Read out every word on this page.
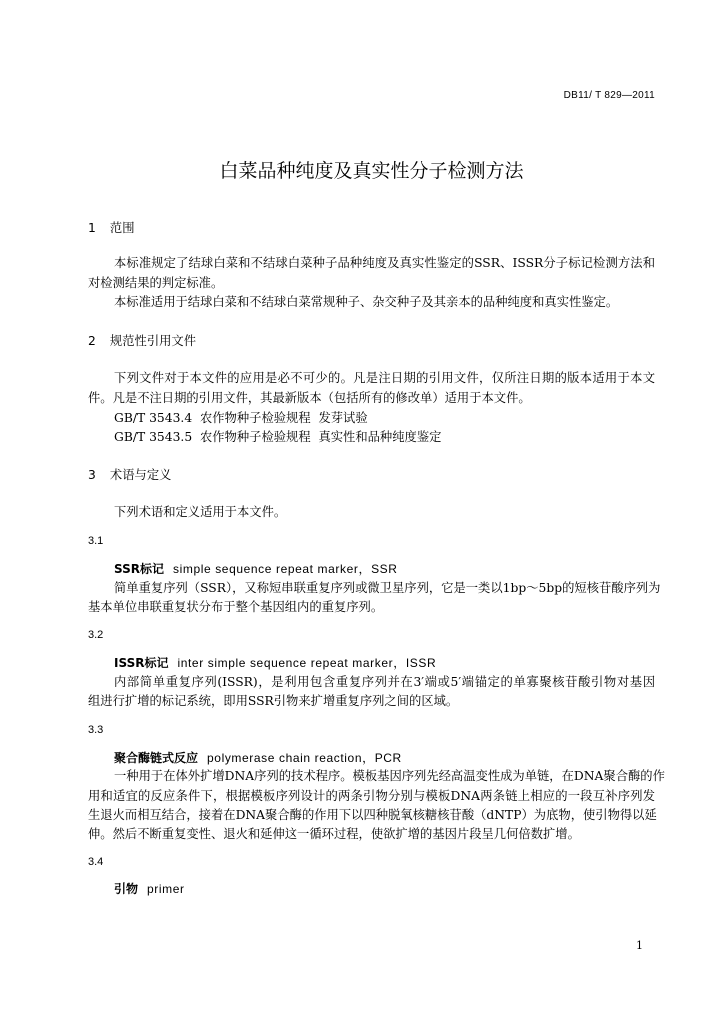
DB11/ T 829—2011
白菜品种纯度及真实性分子检测方法
1 范围
本标准规定了结球白菜和不结球白菜种子品种纯度及真实性鉴定的SSR、ISSR分子标记检测方法和
对检测结果的判定标准。
本标准适用于结球白菜和不结球白菜常规种子、杂交种子及其亲本的品种纯度和真实性鉴定。
2 规范性引用文件
下列文件对于本文件的应用是必不可少的。凡是注日期的引用文件，仅所注日期的版本适用于本文
件。凡是不注日期的引用文件，其最新版本（包括所有的修改单）适用于本文件。
GB/T 3543.4  农作物种子检验规程  发芽试验
GB/T 3543.5  农作物种子检验规程  真实性和品种纯度鉴定
3 术语与定义
下列术语和定义适用于本文件。
3.1
SSR标记 simple sequence repeat marker，SSR
简单重复序列（SSR），又称短串联重复序列或微卫星序列，它是一类以1bp～5bp的短核苷酸序列为
基本单位串联重复状分布于整个基因组内的重复序列。
3.2
ISSR标记 inter simple sequence repeat marker，ISSR
内部简单重复序列(ISSR)，是利用包含重复序列并在3′端或5′端锚定的单寡聚核苷酸引物对基因
组进行扩增的标记系统，即用SSR引物来扩增重复序列之间的区域。
3.3
聚合酶链式反应 polymerase chain reaction，PCR
一种用于在体外扩增DNA序列的技术程序。模板基因序列先经高温变性成为单链，在DNA聚合酶的作
用和适宜的反应条件下，根据模板序列设计的两条引物分别与模板DNA两条链上相应的一段互补序列发
生退火而相互结合，接着在DNA聚合酶的作用下以四种脱氧核糖核苷酸（dNTP）为底物，使引物得以延
伸。然后不断重复变性、退火和延伸这一循环过程，使欲扩增的基因片段呈几何倍数扩增。
3.4
引物 primer
1
